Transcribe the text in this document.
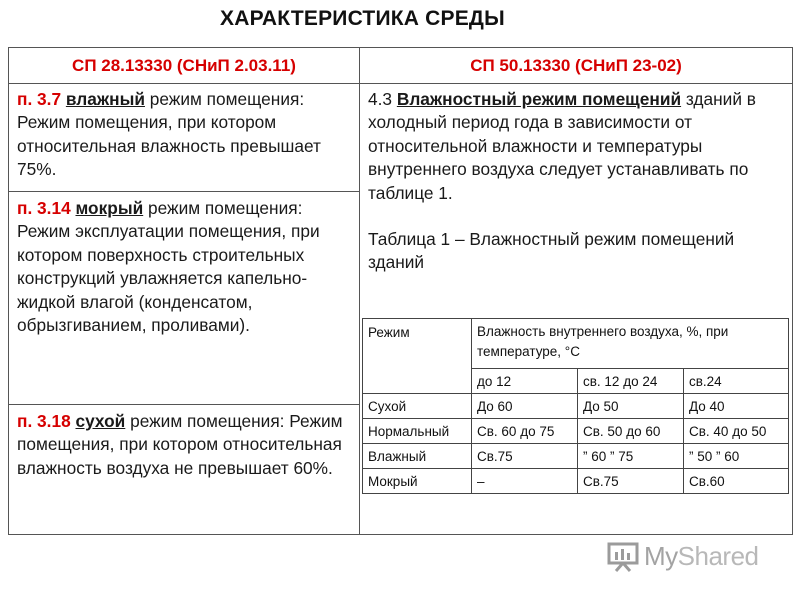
ХАРАКТЕРИСТИКА СРЕДЫ
СП 28.13330 (СНиП 2.03.11)	СП 50.13330 (СНиП 23-02)
п. 3.7 влажный режим помещения: Режим помещения, при котором относительная влажность превышает 75%.
п. 3.14 мокрый режим помещения: Режим эксплуатации помещения, при котором поверхность строительных конструкций увлажняется капельно-жидкой влагой (конденсатом, обрызгиванием, проливами).
п. 3.18 сухой режим помещения: Режим помещения, при котором относительная влажность воздуха не превышает 60%.

4.3 Влажностный режим помещений зданий в холодный период года в зависимости от относительной влажности и температуры внутреннего воздуха следует устанавливать по таблице 1.

Таблица 1 – Влажностный режим помещений зданий

Режим	Влажность внутреннего воздуха, %, при температуре, °С		
	до 12	св. 12 до 24	св.24
Сухой	До 60	До 50	До 40
Нормальный	Св. 60 до 75	Св. 50 до 60	Св. 40 до 50
Влажный	Св.75	” 60 ” 75	” 50 ” 60
Мокрый	–	Св.75	Св.60
MyShared
